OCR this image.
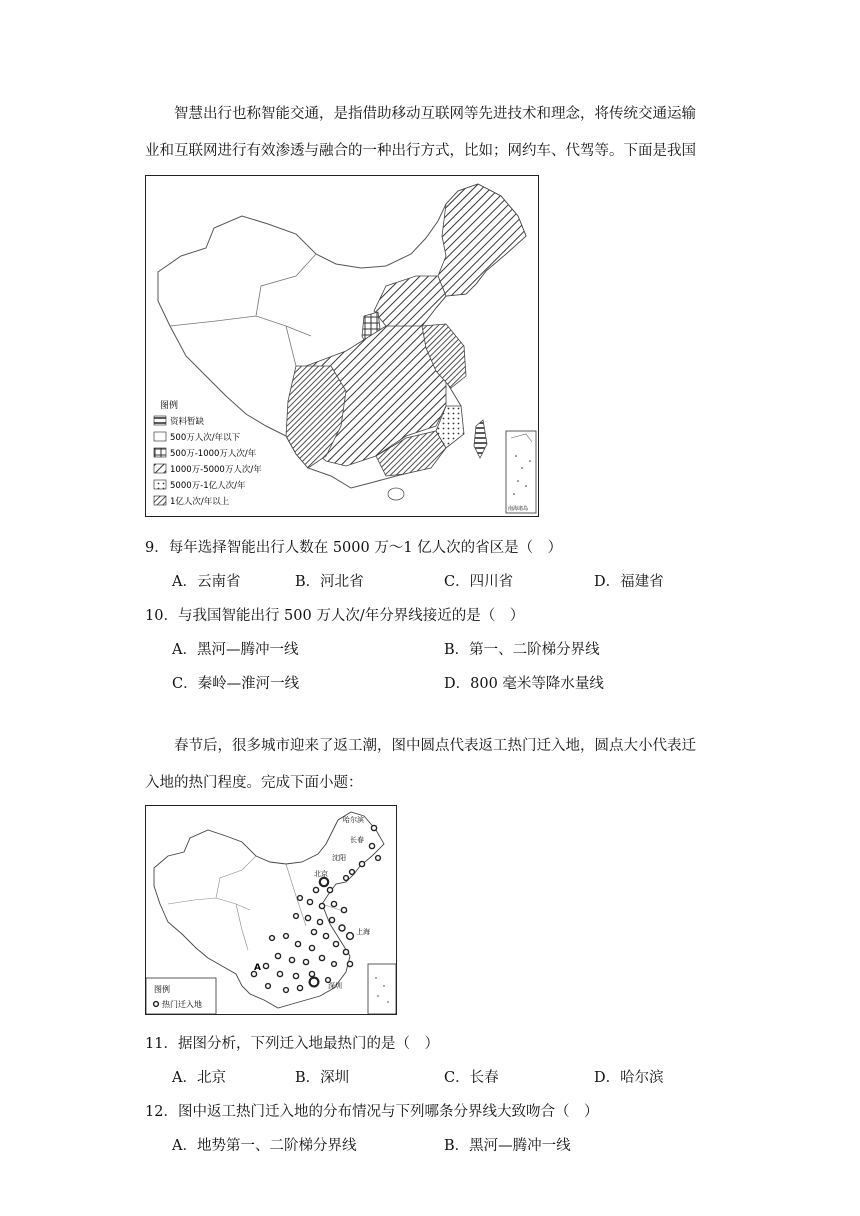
智慧出行也称智能交通，是指借助移动互联网等先进技术和理念，将传统交通运输
业和互联网进行有效渗透与融合的一种出行方式，比如；网约车、代驾等。下面是我国
图例
资料暂缺
500万人次/年以下
500万-1000万人次/年
1000万-5000万人次/年
5000万-1亿人次/年
1亿人次/年以上
南海诸岛
9．每年选择智能出行人数在 5000 万～1 亿人次的省区是（　）
A．云南省	B．河北省	C．四川省	D．福建省
10．与我国智能出行 500 万人次/年分界线接近的是（　）
A．黑河—腾冲一线	B．第一、二阶梯分界线
C．秦岭—淮河一线	D．800 毫米等降水量线
春节后，很多城市迎来了返工潮，图中圆点代表返工热门迁入地，圆点大小代表迁
入地的热门程度。完成下面小题：
哈尔滨
长春
沈阳
北京
上海
深圳
A
图例
热门迁入地
11．据图分析，下列迁入地最热门的是（　）
A．北京	B．深圳	C．长春	D．哈尔滨
12．图中返工热门迁入地的分布情况与下列哪条分界线大致吻合（　）
A．地势第一、二阶梯分界线	B．黑河—腾冲一线
